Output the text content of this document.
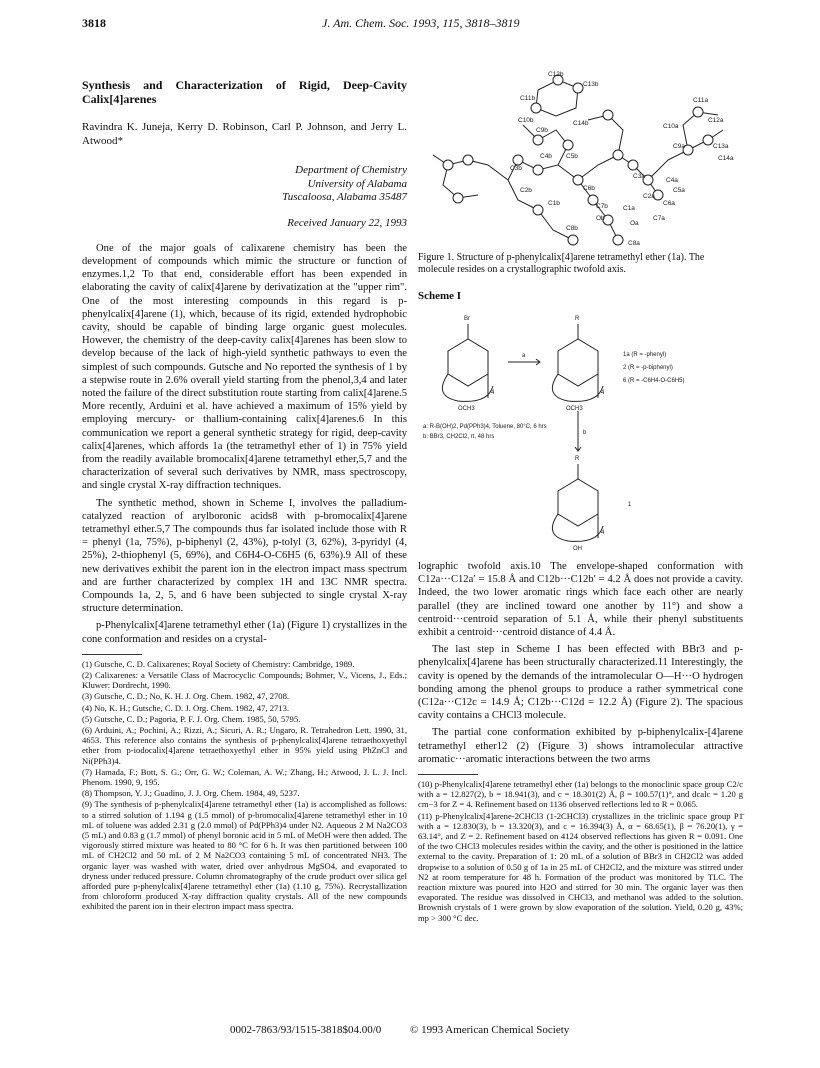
3818	J. Am. Chem. Soc. 1993, 115, 3818–3819
Synthesis and Characterization of Rigid, Deep-Cavity Calix[4]arenes
Ravindra K. Juneja, Kerry D. Robinson, Carl P. Johnson, and Jerry L. Atwood*
Department of Chemistry
University of Alabama
Tuscaloosa, Alabama 35487
Received January 22, 1993

One of the major goals of calixarene chemistry has been the development of compounds which mimic the structure or function of enzymes.1,2 To that end, considerable effort has been expended in elaborating the cavity of calix[4]arene by derivatization at the "upper rim". One of the most interesting compounds in this regard is p-phenylcalix[4]arene (1), which, because of its rigid, extended hydrophobic cavity, should be capable of binding large organic guest molecules. However, the chemistry of the deep-cavity calix[4]arenes has been slow to develop because of the lack of high-yield synthetic pathways to even the simplest of such compounds. Gutsche and No reported the synthesis of 1 by a stepwise route in 2.6% overall yield starting from the phenol,3,4 and later noted the failure of the direct substitution route starting from calix[4]arene.5 More recently, Arduini et al. have achieved a maximum of 15% yield by employing mercury- or thallium-containing calix[4]arenes.6 In this communication we report a general synthetic strategy for rigid, deep-cavity calix[4]arenes, which affords 1a (the tetramethyl ether of 1) in 75% yield from the readily available bromocalix[4]arene tetramethyl ether,5,7 and the characterization of several such derivatives by NMR, mass spectroscopy, and single crystal X-ray diffraction techniques.

The synthetic method, shown in Scheme I, involves the palladium-catalyzed reaction of arylboronic acids8 with p-bromocalix[4]arene tetramethyl ether.5,7 The compounds thus far isolated include those with R = phenyl (1a, 75%), p-biphenyl (2, 43%), p-tolyl (3, 62%), 3-pyridyl (4, 25%), 2-thiophenyl (5, 69%), and C6H4-O-C6H5 (6, 63%).9 All of these new derivatives exhibit the parent ion in the electron impact mass spectrum and are further characterized by complex 1H and 13C NMR spectra. Compounds 1a, 2, 5, and 6 have been subjected to single crystal X-ray structure determination.

p-Phenylcalix[4]arene tetramethyl ether (1a) (Figure 1) crystallizes in the cone conformation and resides on a crystal-

(1) Gutsche, C. D. Calixarenes; Royal Society of Chemistry: Cambridge, 1989.
(2) Calixarenes: a Versatile Class of Macrocyclic Compounds; Bohmer, V., Vicens, J., Eds.; Kluwer: Dordrecht, 1990.
(3) Gutsche, C. D.; No, K. H. J. Org. Chem. 1982, 47, 2708.
(4) No, K. H.; Gutsche, C. D. J. Org. Chem. 1982, 47, 2713.
(5) Gutsche, C. D.; Pagoria, P. F. J. Org. Chem. 1985, 50, 5795.
(6) Arduini, A.; Pochini, A.; Rizzi, A.; Sicuri, A. R.; Ungaro, R. Tetrahedron Lett. 1990, 31, 4653. This reference also contains the synthesis of p-phenylcalix[4]arene tetraethoxyethyl ether from p-iodocalix[4]arene tetraethoxyethyl ether in 95% yield using PhZnCl and Ni(PPh3)4.
(7) Hamada, F.; Bott, S. G.; Orr, G. W.; Coleman, A. W.; Zhang, H.; Atwood, J. L. J. Incl. Phenom. 1990, 9, 195.
(8) Thompson, Y. J.; Guadino, J. J. Org. Chem. 1984, 49, 5237.
(9) The synthesis of p-phenylcalix[4]arene tetramethyl ether (1a) is accomplished as follows: to a stirred solution of 1.194 g (1.5 mmol) of p-bromocalix[4]arene tetramethyl ether in 10 mL of toluene was added 2.31 g (2.0 mmol) of Pd(PPh3)4 under N2. Aqueous 2 M Na2CO3 (5 mL) and 0.83 g (1.7 mmol) of phenyl boronic acid in 5 mL of MeOH were then added. The vigorously stirred mixture was heated to 80 °C for 6 h. It was then partitioned between 100 mL of CH2Cl2 and 50 mL of 2 M Na2CO3 containing 5 mL of concentrated NH3. The organic layer was washed with water, dried over anhydrous MgSO4, and evaporated to dryness under reduced pressure. Column chromatography of the crude product over silica gel afforded pure p-phenylcalix[4]arene tetramethyl ether (1a) (1.10 g, 75%). Recrystallization from chloroform produced X-ray diffraction quality crystals. All of the new compounds exhibited the parent ion in their electron impact mass spectra.
C12b
C13b
C11b
C10b	C14b
C9b
C11a
C12a
C10a
C13a
C9a
C14a
C4b C5b
C3b
C3a
C4a
C5a
C6b
C2b
C2a
C6a
C1b	C7b C1a
C7a
C8b
Ob
Oa
C8a
Figure 1. Structure of p-phenylcalix[4]arene tetramethyl ether (1a). The molecule resides on a crystallographic twofold axis.
Scheme I
Br	R
OCH3	OCH3
4	4
a
b
a: R-B(OH)2, Pd(PPh3)4, Toluene, 80°C, 6 hrs
b: BBr3, CH2Cl2, rt, 48 hrs
1a (R = -phenyl)
2 (R = -p-biphenyl)
6 (R = -C6H4-O-C6H5)
R
OH
4
1

lographic twofold axis.10 The envelope-shaped conformation with C12a···C12a′ = 15.8 Å and C12b···C12b′ = 4.2 Å does not provide a cavity. Indeed, the two lower aromatic rings which face each other are nearly parallel (they are inclined toward one another by 11°) and show a centroid···centroid separation of 5.1 Å, while their phenyl substituents exhibit a centroid···centroid distance of 4.4 Å.

The last step in Scheme I has been effected with BBr3 and p-phenylcalix[4]arene has been structurally characterized.11 Interestingly, the cavity is opened by the demands of the intramolecular O—H···O hydrogen bonding among the phenol groups to produce a rather symmetrical cone (C12a···C12c = 14.9 Å; C12b···C12d = 12.2 Å) (Figure 2). The spacious cavity contains a CHCl3 molecule.

The partial cone conformation exhibited by p-biphenylcalix-[4]arene tetramethyl ether12 (2) (Figure 3) shows intramolecular attractive aromatic···aromatic interactions between the two arms

(10) p-Phenylcalix[4]arene tetramethyl ether (1a) belongs to the monoclinic space group C2/c with a = 12.827(2), b = 18.941(3), and c = 18.301(2) Å, β = 100.57(1)°, and dcalc = 1.20 g cm−3 for Z = 4. Refinement based on 1136 observed reflections led to R = 0.065.
(11) p-Phenylcalix[4]arene-2CHCl3 (1-2CHCl3) crystallizes in the triclinic space group P1̄ with a = 12.830(3), b = 13.320(3), and c = 16.394(3) Å, α = 68.65(1), β = 76.20(1), γ = 63.14°, and Z = 2. Refinement based on 4124 observed reflections has given R = 0.091. One of the two CHCl3 molecules resides within the cavity, and the other is positioned in the lattice external to the cavity. Preparation of 1: 20 mL of a solution of BBr3 in CH2Cl2 was added dropwise to a solution of 0.50 g of 1a in 25 mL of CH2Cl2, and the mixture was stirred under N2 at room temperature for 48 h. Formation of the product was monitored by TLC. The reaction mixture was poured into H2O and stirred for 30 min. The organic layer was then evaporated. The residue was dissolved in CHCl3, and methanol was added to the solution. Brownish crystals of 1 were grown by slow evaporation of the solution. Yield, 0.20 g, 43%; mp > 300 °C dec.
0002-7863/93/1515-3818$04.00/0	© 1993 American Chemical Society
